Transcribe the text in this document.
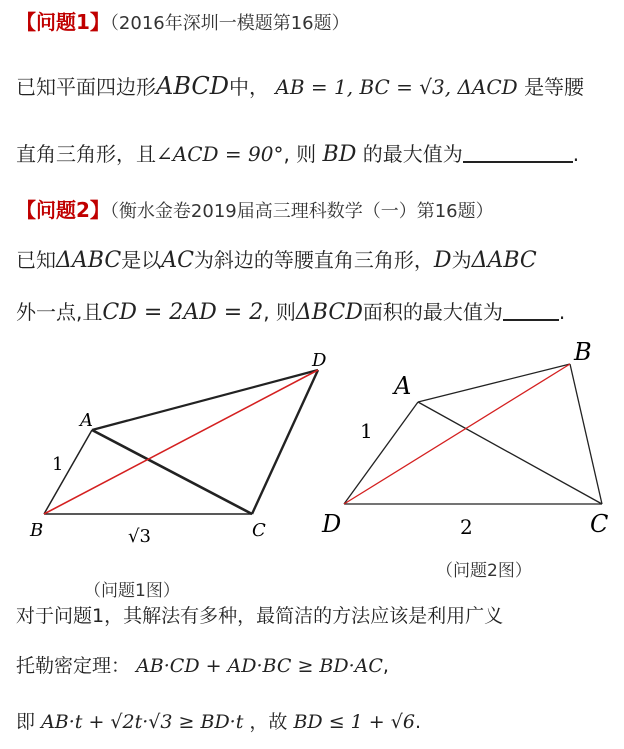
【问题1】（2016年深圳一模题第16题）
已知平面四边形ABCD中， AB = 1, BC = √3, ΔACD 是等腰
直角三角形，且∠ACD = 90°, 则 BD 的最大值为	.
【问题2】（衡水金卷2019届高三理科数学（一）第16题）
已知ΔABC是以AC为斜边的等腰直角三角形，D为ΔABC
外一点,且CD = 2AD = 2, 则ΔBCD面积的最大值为	.
A
B	C
D
1
√3
（问题1图）
A
B
C
D
1
2
（问题2图）
对于问题1，其解法有多种，最简洁的方法应该是利用广义
托勒密定理： AB·CD + AD·BC ≥ BD·AC,
即 AB·t + √2t·√3 ≥ BD·t ，故 BD ≤ 1 + √6.
